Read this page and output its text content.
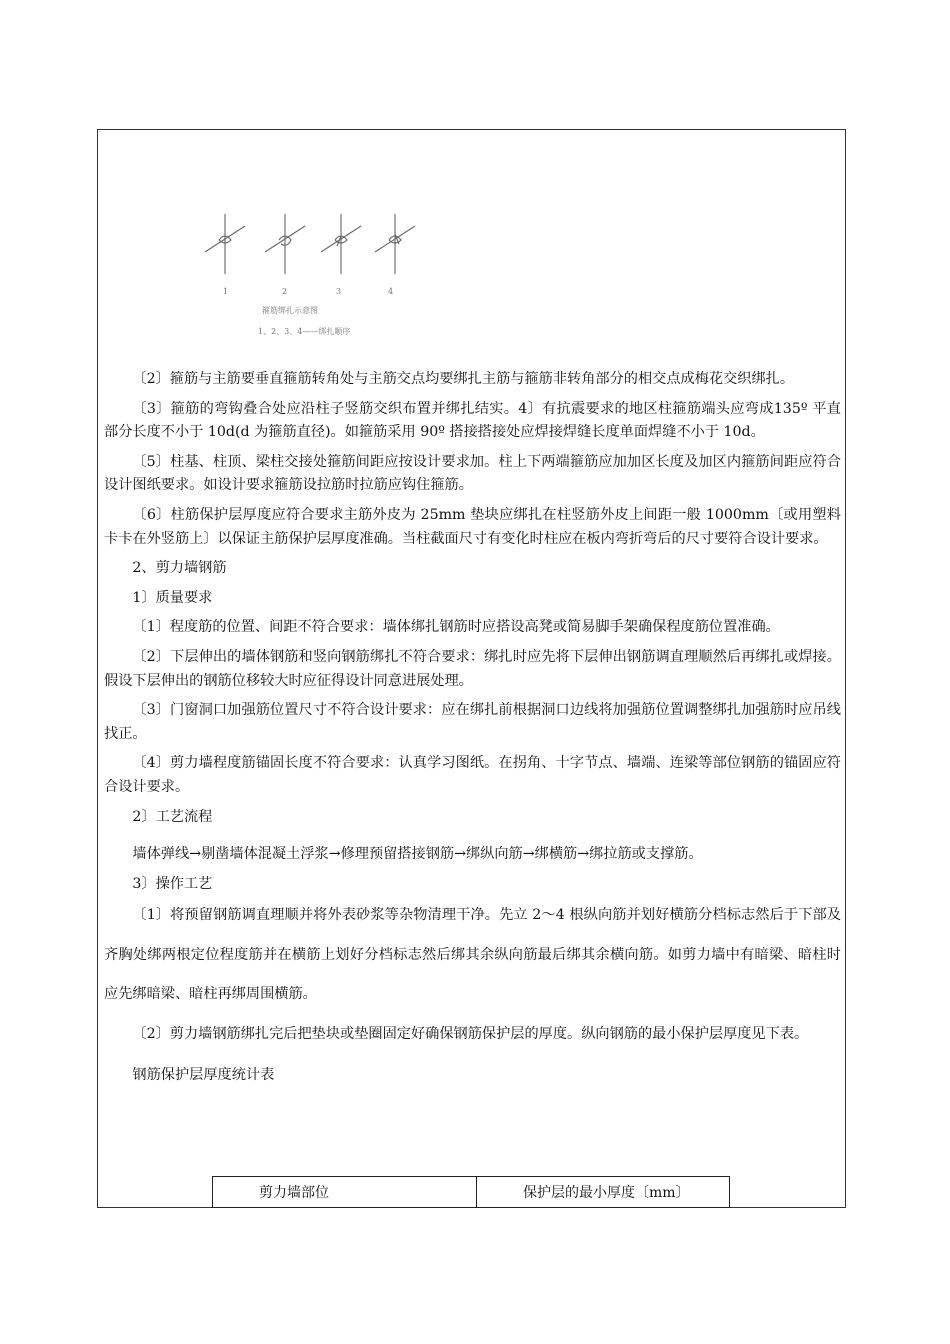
1	2	3	4
箍筋绑扎示意图
1、2、3、4——绑扎顺序

〔2〕箍筋与主筋要垂直箍筋转角处与主筋交点均要绑扎主筋与箍筋非转角部分的相交点成梅花交织绑扎。

〔3〕箍筋的弯钩叠合处应沿柱子竖筋交织布置并绑扎结实。4〕有抗震要求的地区柱箍筋端头应弯成135º 平直部分长度不小于 10d(d 为箍筋直径)。如箍筋采用 90º 搭接搭接处应焊接焊缝长度单面焊缝不小于 10d。

〔5〕柱基、柱顶、梁柱交接处箍筋间距应按设计要求加。柱上下两端箍筋应加加区长度及加区内箍筋间距应符合设计图纸要求。如设计要求箍筋设拉筋时拉筋应钩住箍筋。

〔6〕柱筋保护层厚度应符合要求主筋外皮为 25mm 垫块应绑扎在柱竖筋外皮上间距一般 1000mm〔或用塑料卡卡在外竖筋上〕以保证主筋保护层厚度准确。当柱截面尺寸有变化时柱应在板内弯折弯后的尺寸要符合设计要求。

2、剪力墙钢筋

1〕质量要求

〔1〕程度筋的位置、间距不符合要求：墙体绑扎钢筋时应搭设高凳或简易脚手架确保程度筋位置准确。

〔2〕下层伸出的墙体钢筋和竖向钢筋绑扎不符合要求：绑扎时应先将下层伸出钢筋调直理顺然后再绑扎或焊接。假设下层伸出的钢筋位移较大时应征得设计同意进展处理。

〔3〕门窗洞口加强筋位置尺寸不符合设计要求：应在绑扎前根据洞口边线将加强筋位置调整绑扎加强筋时应吊线找正。

〔4〕剪力墙程度筋锚固长度不符合要求：认真学习图纸。在拐角、十字节点、墙端、连梁等部位钢筋的锚固应符合设计要求。

2〕工艺流程

墙体弹线→剔凿墙体混凝土浮浆→修理预留搭接钢筋→绑纵向筋→绑横筋→绑拉筋或支撑筋。

3〕操作工艺

〔1〕将预留钢筋调直理顺并将外表砂浆等杂物清理干净。先立 2～4 根纵向筋并划好横筋分档标志然后于下部及齐胸处绑两根定位程度筋并在横筋上划好分档标志然后绑其余纵向筋最后绑其余横向筋。如剪力墙中有暗梁、暗柱时应先绑暗梁、暗柱再绑周围横筋。

〔2〕剪力墙钢筋绑扎完后把垫块或垫圈固定好确保钢筋保护层的厚度。纵向钢筋的最小保护层厚度见下表。

钢筋保护层厚度统计表

剪力墙部位	保护层的最小厚度〔mm〕
